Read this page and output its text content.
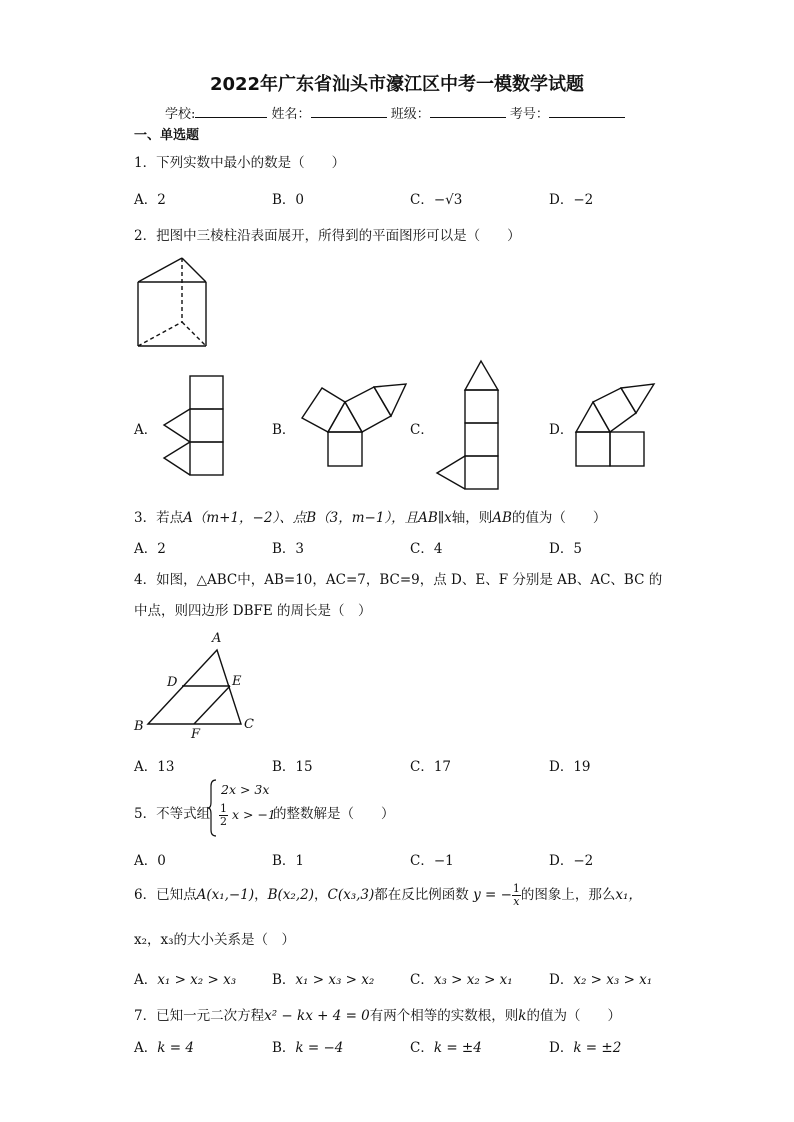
2022年广东省汕头市濠江区中考一模数学试题
学校:	姓名：	班级：	考号：
一、单选题
1．下列实数中最小的数是（　　）
A．2	B．0	C．−√3	D．−2
2．把图中三棱柱沿表面展开，所得到的平面图形可以是（　　）
A．	B．	C．	D．
3．若点A（m+1，−2）、点B（3，m−1），且AB∥x轴，则AB的值为（　　）
A．2	B．3	C．4	D．5
4．如图，△ABC中，AB=10，AC=7，BC=9，点 D、E、F 分别是 AB、AC、BC 的
中点，则四边形 DBFE 的周长是（　）
A
B	C
D	E
F
A．13	B．15	C．17	D．19
5．不等式组
2x > 3x
$\frac{1}{2}$ x > −1
的整数解是（　　）
A．0	B．1	C．−1	D．−2
6．已知点A(x₁,−1)，B(x₂,2)，C(x₃,3)都在反比例函数 y = − $\frac{1}{x}$ 的图象上，那么x₁，
x₂，x₃的大小关系是（　）
A．x₁ > x₂ > x₃	B．x₁ > x₃ > x₂	C．x₃ > x₂ > x₁	D．x₂ > x₃ > x₁
7．已知一元二次方程x² − kx + 4 = 0有两个相等的实数根，则k的值为（　　）
A．k = 4	B．k = −4	C．k = ±4	D．k = ±2
